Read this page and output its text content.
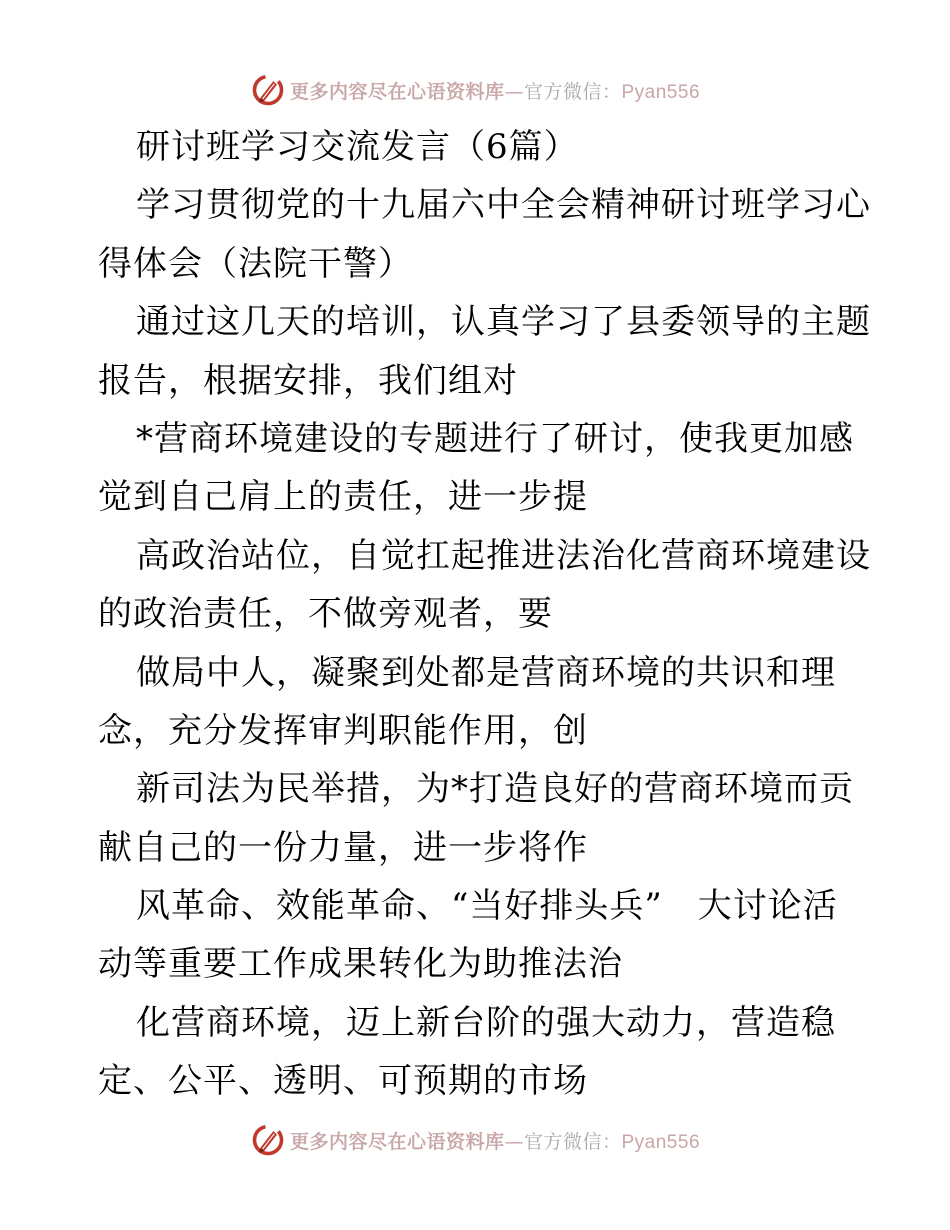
更多内容尽在心语资料库—官方微信：Pyan556
研讨班学习交流发言（6篇）
学习贯彻党的十九届六中全会精神研讨班学习心
得体会（法院干警）
通过这几天的培训，认真学习了县委领导的主题
报告，根据安排，我们组对
*营商环境建设的专题进行了研讨，使我更加感
觉到自己肩上的责任，进一步提
高政治站位，自觉扛起推进法治化营商环境建设
的政治责任，不做旁观者，要
做局中人，凝聚到处都是营商环境的共识和理
念，充分发挥审判职能作用，创
新司法为民举措，为*打造良好的营商环境而贡
献自己的一份力量，进一步将作
风革命、效能革命、“当好排头兵”　大讨论活
动等重要工作成果转化为助推法治
化营商环境，迈上新台阶的强大动力，营造稳
定、公平、透明、可预期的市场
更多内容尽在心语资料库—官方微信：Pyan556
